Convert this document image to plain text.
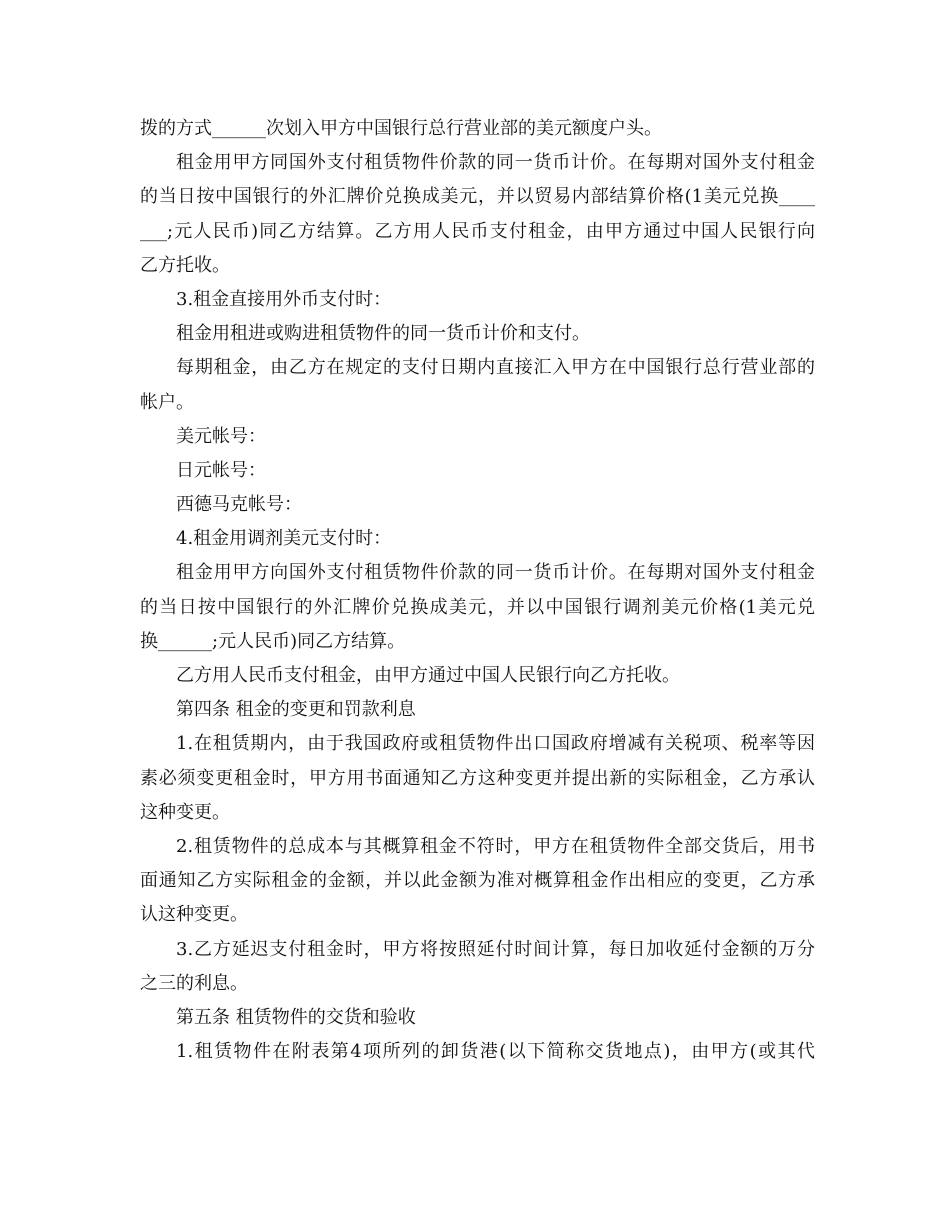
拨的方式______次划入甲方中国银行总行营业部的美元额度户头。
租金用甲方同国外支付租赁物件价款的同一货币计价。在每期对国外支付租金
的当日按中国银行的外汇牌价兑换成美元，并以贸易内部结算价格(1美元兑换____
___;元人民币)同乙方结算。乙方用人民币支付租金，由甲方通过中国人民银行向
乙方托收。
3.租金直接用外币支付时：
租金用租进或购进租赁物件的同一货币计价和支付。
每期租金，由乙方在规定的支付日期内直接汇入甲方在中国银行总行营业部的
帐户。
美元帐号：
日元帐号：
西德马克帐号：
4.租金用调剂美元支付时：
租金用甲方向国外支付租赁物件价款的同一货币计价。在每期对国外支付租金
的当日按中国银行的外汇牌价兑换成美元，并以中国银行调剂美元价格(1美元兑
换______;元人民币)同乙方结算。
乙方用人民币支付租金，由甲方通过中国人民银行向乙方托收。
第四条 租金的变更和罚款利息
1.在租赁期内，由于我国政府或租赁物件出口国政府增减有关税项、税率等因
素必须变更租金时，甲方用书面通知乙方这种变更并提出新的实际租金，乙方承认
这种变更。
2.租赁物件的总成本与其概算租金不符时，甲方在租赁物件全部交货后，用书
面通知乙方实际租金的金额，并以此金额为准对概算租金作出相应的变更，乙方承
认这种变更。
3.乙方延迟支付租金时，甲方将按照延付时间计算，每日加收延付金额的万分
之三的利息。
第五条 租赁物件的交货和验收
1.租赁物件在附表第4项所列的卸货港(以下简称交货地点)，由甲方(或其代
